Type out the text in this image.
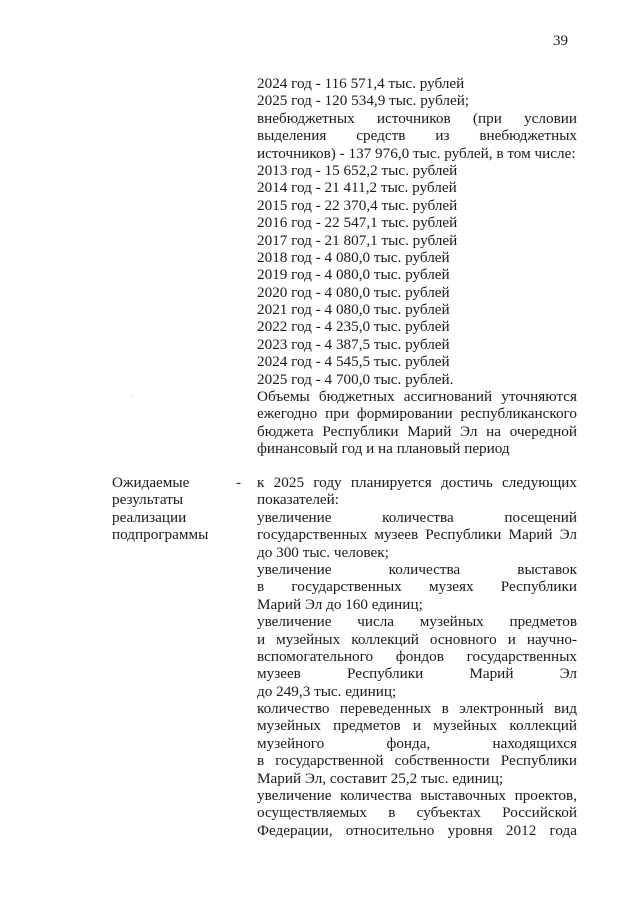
39
2024 год - 116 571,4 тыс. рублей
2025 год - 120 534,9 тыс. рублей;
внебюджетных источников (при условии
выделения средств из внебюджетных
источников) - 137 976,0 тыс. рублей, в том числе:
2013 год - 15 652,2 тыс. рублей
2014 год - 21 411,2 тыс. рублей
2015 год - 22 370,4 тыс. рублей
2016 год - 22 547,1 тыс. рублей
2017 год - 21 807,1 тыс. рублей
2018 год - 4 080,0 тыс. рублей
2019 год - 4 080,0 тыс. рублей
2020 год - 4 080,0 тыс. рублей
2021 год - 4 080,0 тыс. рублей
2022 год - 4 235,0 тыс. рублей
2023 год - 4 387,5 тыс. рублей
2024 год - 4 545,5 тыс. рублей
2025 год - 4 700,0 тыс. рублей.
Объемы бюджетных ассигнований уточняются
ежегодно при формировании республиканского
бюджета Республики Марий Эл на очередной
финансовый год и на плановый период
Ожидаемые
результаты
реализации
подпрограммы
- к 2025 году планируется достичь следующих
показателей:
увеличение количества посещений
государственных музеев Республики Марий Эл
до 300 тыс. человек;
увеличение количества выставок
в государственных музеях Республики
Марий Эл до 160 единиц;
увеличение числа музейных предметов
и музейных коллекций основного и научно-
вспомогательного фондов государственных
музеев Республики Марий Эл
до 249,3 тыс. единиц;
количество переведенных в электронный вид
музейных предметов и музейных коллекций
музейного фонда, находящихся
в государственной собственности Республики
Марий Эл, составит 25,2 тыс. единиц;
увеличение количества выставочных проектов,
осуществляемых в субъектах Российской
Федерации, относительно уровня 2012 года
